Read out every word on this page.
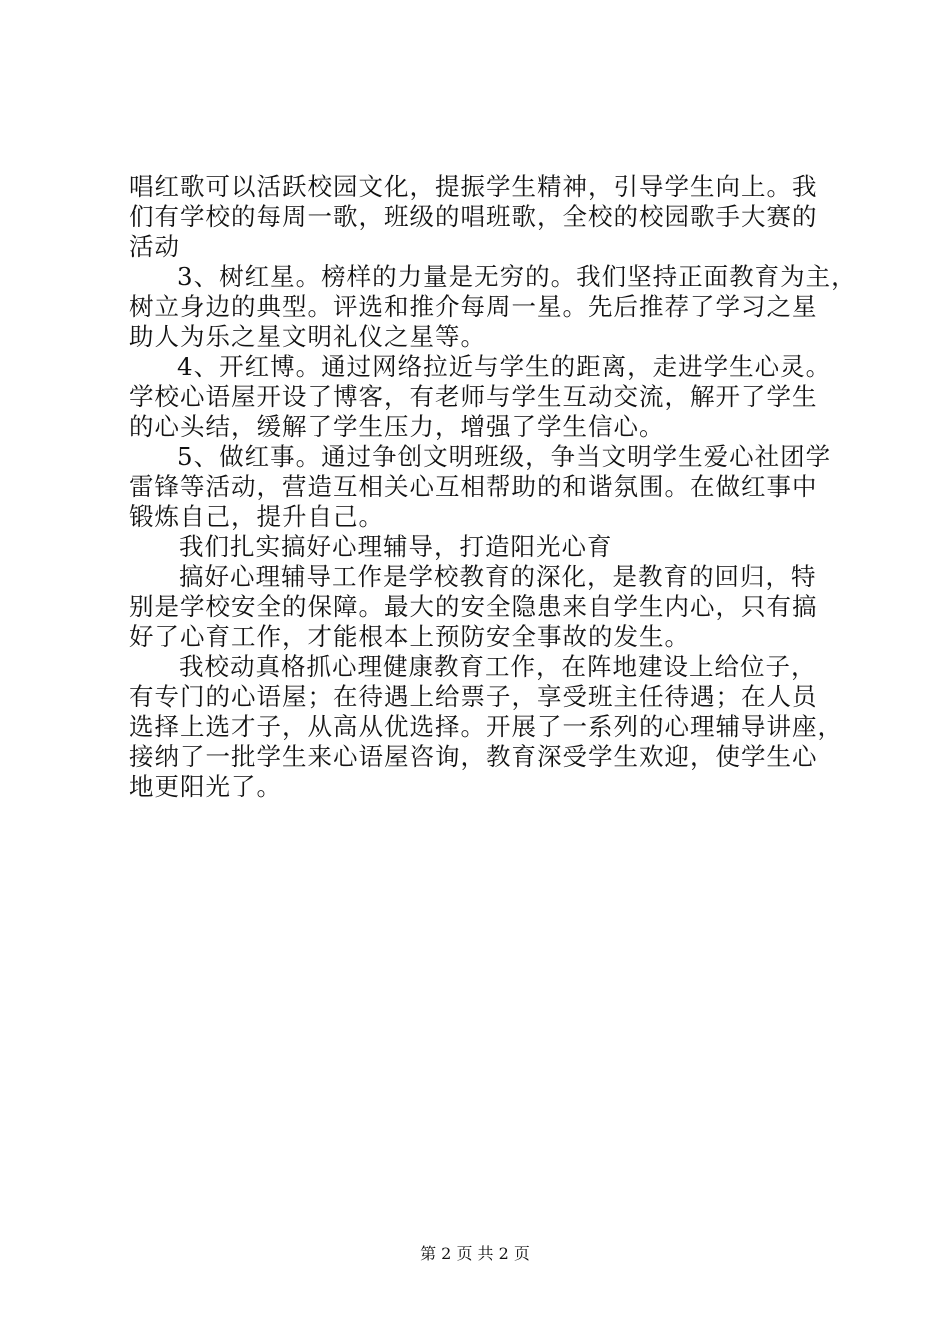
唱红歌可以活跃校园文化，提振学生精神，引导学生向上。我
们有学校的每周一歌，班级的唱班歌，全校的校园歌手大赛的
活动
3、树红星。榜样的力量是无穷的。我们坚持正面教育为主，
树立身边的典型。评选和推介每周一星。先后推荐了学习之星
助人为乐之星文明礼仪之星等。
4、开红博。通过网络拉近与学生的距离，走进学生心灵。
学校心语屋开设了博客，有老师与学生互动交流，解开了学生
的心头结，缓解了学生压力，增强了学生信心。
5、做红事。通过争创文明班级，争当文明学生爱心社团学
雷锋等活动，营造互相关心互相帮助的和谐氛围。在做红事中
锻炼自己，提升自己。
我们扎实搞好心理辅导，打造阳光心育
搞好心理辅导工作是学校教育的深化，是教育的回归，特
别是学校安全的保障。最大的安全隐患来自学生内心，只有搞
好了心育工作，才能根本上预防安全事故的发生。
我校动真格抓心理健康教育工作，在阵地建设上给位子，
有专门的心语屋；在待遇上给票子，享受班主任待遇；在人员
选择上选才子，从高从优选择。开展了一系列的心理辅导讲座，
接纳了一批学生来心语屋咨询，教育深受学生欢迎，使学生心
地更阳光了。
第 2 页 共 2 页
